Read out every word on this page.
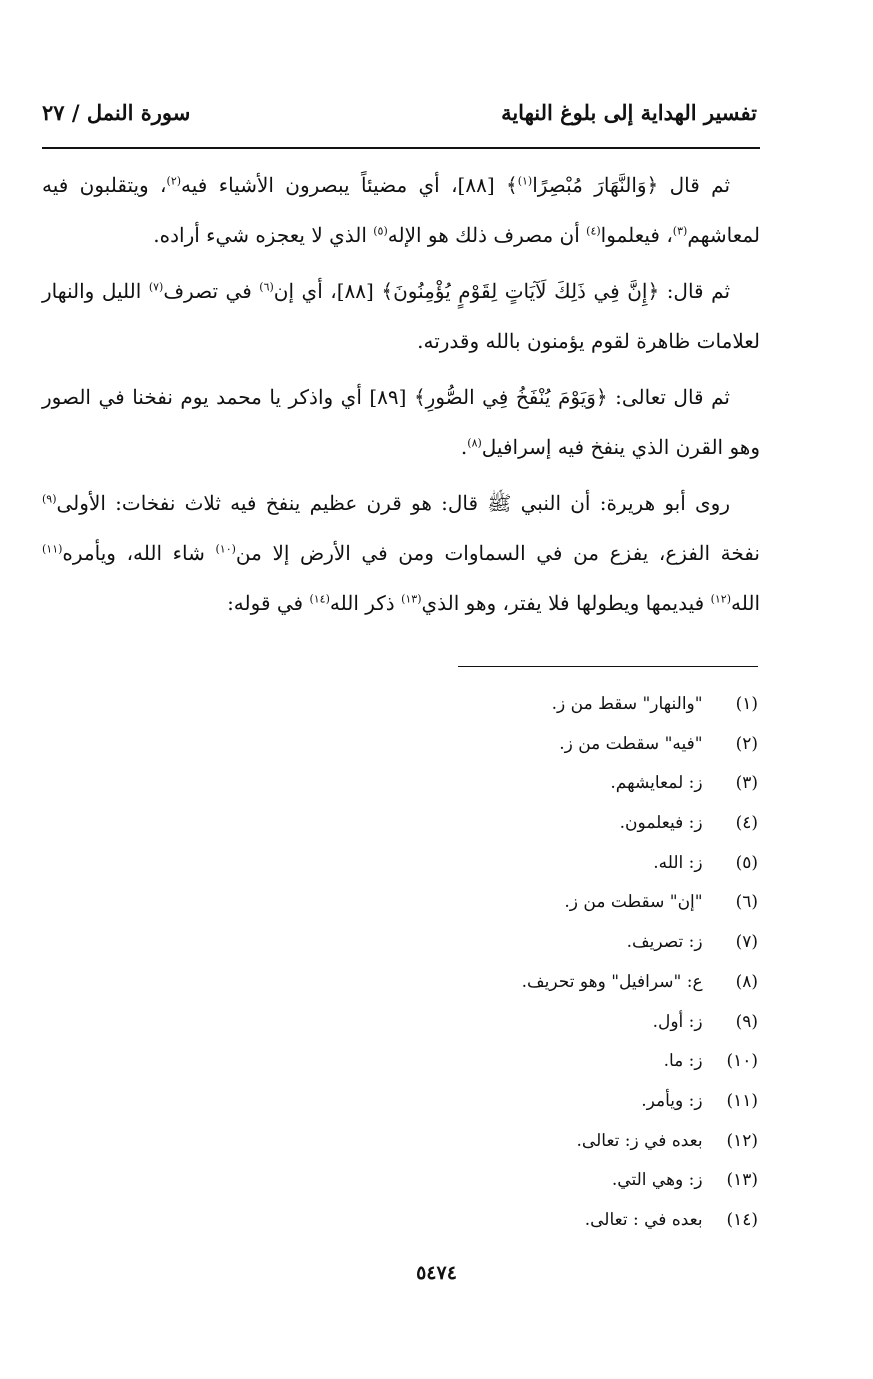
تفسير الهداية إلى بلوغ النهاية
سورة النمل / ٢٧

ثم قال ﴿وَالنَّهَارَ مُبْصِرًا$^{(١)}$﴾ [٨٨]، أي مضيئاً يبصرون الأشياء فيه$^{(٢)}$، ويتقلبون فيه لمعاشهم$^{(٣)}$، فيعلموا$^{(٤)}$ أن مصرف ذلك هو الإله$^{(٥)}$ الذي لا يعجزه شيء أراده.

ثم قال: ﴿إِنَّ فِي ذَلِكَ لَآيَاتٍ لِقَوْمٍ يُؤْمِنُونَ﴾ [٨٨]، أي إن$^{(٦)}$ في تصرف$^{(٧)}$ الليل والنهار لعلامات ظاهرة لقوم يؤمنون بالله وقدرته.

ثم قال تعالى: ﴿وَيَوْمَ يُنْفَخُ فِي الصُّورِ﴾ [٨٩] أي واذكر يا محمد يوم نفخنا في الصور وهو القرن الذي ينفخ فيه إسرافيل$^{(٨)}$.

روى أبو هريرة: أن النبي ﷺ قال: هو قرن عظيم ينفخ فيه ثلاث نفخات: الأولى$^{(٩)}$ نفخة الفزع، يفزع من في السماوات ومن في الأرض إلا من$^{(١٠)}$ شاء الله، ويأمره$^{(١١)}$ الله$^{(١٢)}$ فيديمها ويطولها فلا يفتر، وهو الذي$^{(١٣)}$ ذكر الله$^{(١٤)}$ في قوله:

(١) "والنهار" سقط من ز.
(٢) "فيه" سقطت من ز.
(٣) ز: لمعايشهم.
(٤) ز: فيعلمون.
(٥) ز: الله.
(٦) "إن" سقطت من ز.
(٧) ز: تصريف.
(٨) ع: "سرافيل" وهو تحريف.
(٩) ز: أول.
(١٠) ز: ما.
(١١) ز: ويأمر.
(١٢) بعده في ز: تعالى.
(١٣) ز: وهي التي.
(١٤) بعده في : تعالى.
٥٤٧٤
